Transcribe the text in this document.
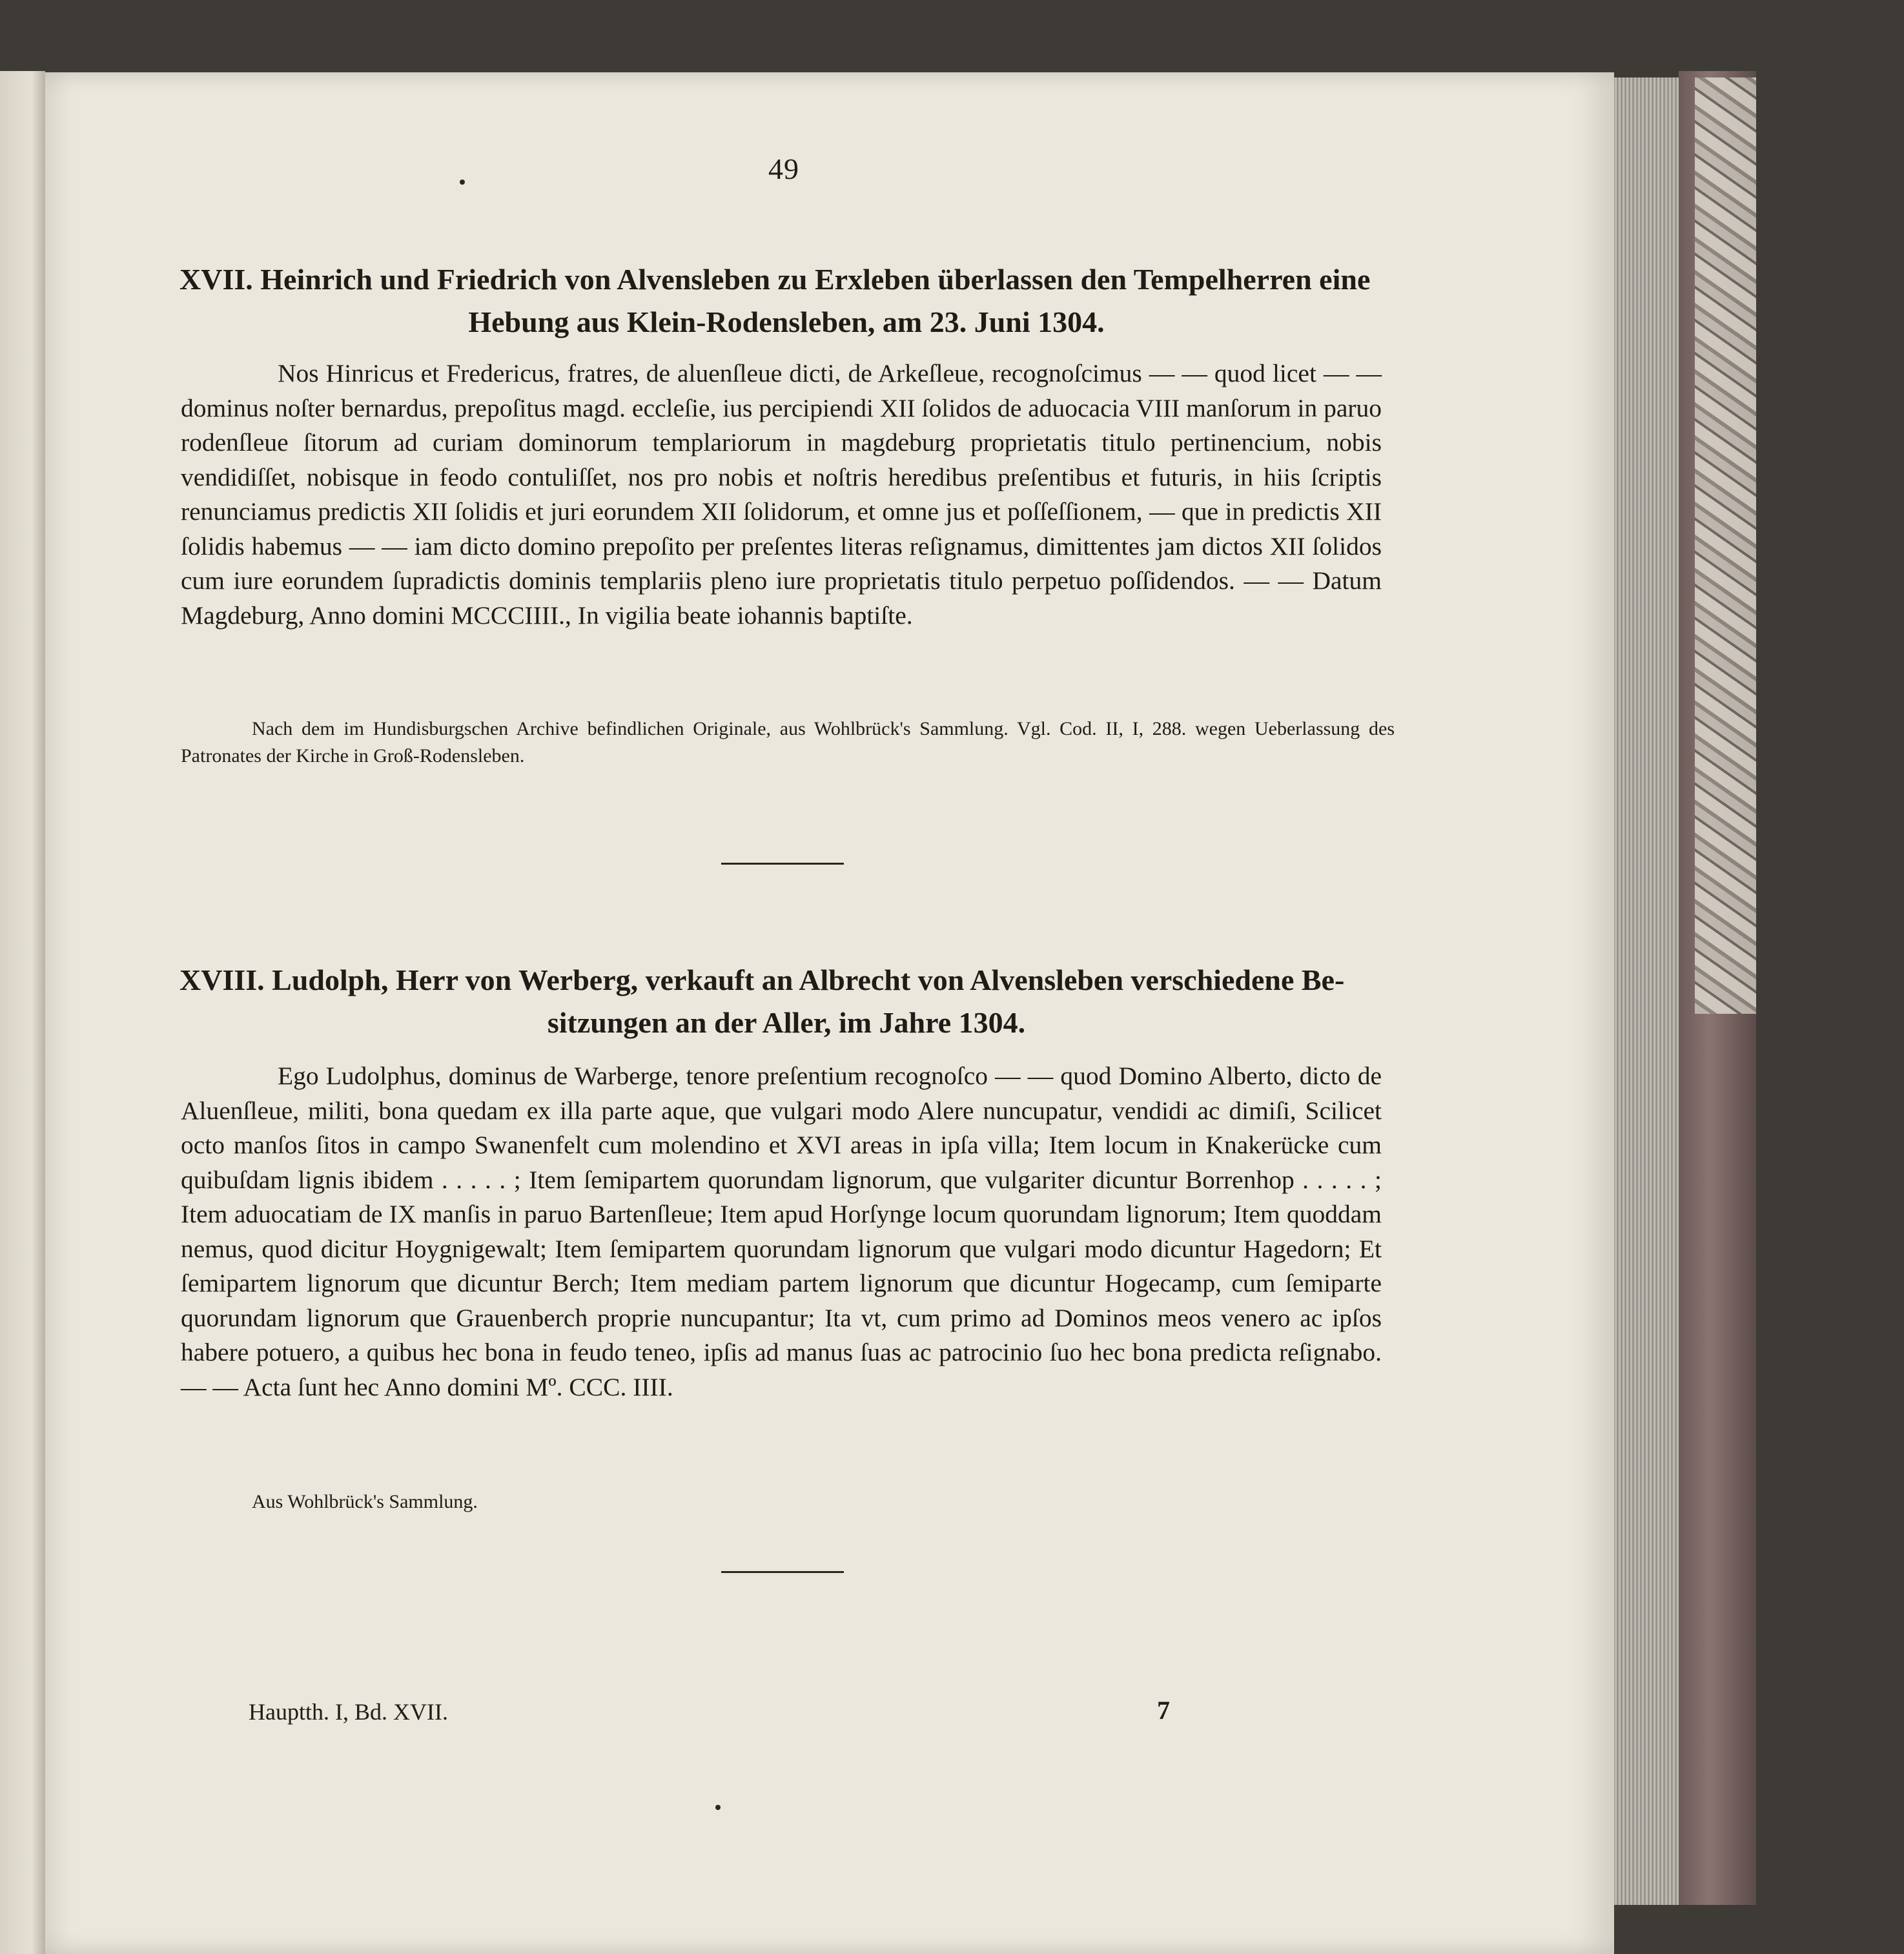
49
XVII. Heinrich und Friedrich von Alvensleben zu Erxleben überlassen den Tempelherren eine
Hebung aus Klein-Rodensleben, am 23. Juni 1304.

Nos Hinricus et Fredericus, fratres, de aluenſleue dicti, de Arkeſleue, recognoſcimus — — quod licet — — dominus noſter bernardus, prepoſitus magd. eccleſie, ius percipiendi XII ſolidos de aduocacia VIII manſorum in paruo rodenſleue ſitorum ad curiam dominorum templariorum in magdeburg proprietatis titulo pertinencium, nobis vendidiſſet, nobisque in feodo contuliſſet, nos pro nobis et noſtris heredibus preſentibus et futuris, in hiis ſcriptis renunciamus predictis XII ſolidis et juri eorundem XII ſolidorum, et omne jus et poſſeſſionem, — que in predictis XII ſolidis habemus — — iam dicto domino prepoſito per preſentes literas reſignamus, dimittentes jam dictos XII ſolidos cum iure eorundem ſupradictis dominis templariis pleno iure proprietatis titulo perpetuo poſſidendos. — — Datum Magdeburg, Anno domini MCCCIIII., In vigilia beate iohannis baptiſte.

Nach dem im Hundisburgschen Archive befindlichen Originale, aus Wohlbrück's Sammlung. Vgl. Cod. II, I, 288. wegen Ueberlassung des Patronates der Kirche in Groß-Rodensleben.

XVIII. Ludolph, Herr von Werberg, verkauft an Albrecht von Alvensleben verschiedene Be-
sitzungen an der Aller, im Jahre 1304.

Ego Ludolphus, dominus de Warberge, tenore preſentium recognoſco — — quod Domino Alberto, dicto de Aluenſleue, militi, bona quedam ex illa parte aque, que vulgari modo Alere nuncupatur, vendidi ac dimiſi, Scilicet octo manſos ſitos in campo Swanenfelt cum molendino et XVI areas in ipſa villa; Item locum in Knakerücke cum quibuſdam lignis ibidem . . . . . ; Item ſemipartem quorundam lignorum, que vulgariter dicuntur Borrenhop . . . . . ; Item aduocatiam de IX manſis in paruo Bartenſleue; Item apud Horſynge locum quorundam lignorum; Item quoddam nemus, quod dicitur Hoygnigewalt; Item ſemipartem quorundam lignorum que vulgari modo dicuntur Hagedorn; Et ſemipartem lignorum que dicuntur Berch; Item mediam partem lignorum que dicuntur Hogecamp, cum ſemiparte quorundam lignorum que Grauenberch proprie nuncupantur; Ita vt, cum primo ad Dominos meos venero ac ipſos habere potuero, a quibus hec bona in feudo teneo, ipſis ad manus ſuas ac patrocinio ſuo hec bona predicta reſignabo. — — Acta ſunt hec Anno domini Mº. CCC. IIII.

Aus Wohlbrück's Sammlung.

Hauptth. I, Bd. XVII.	7
